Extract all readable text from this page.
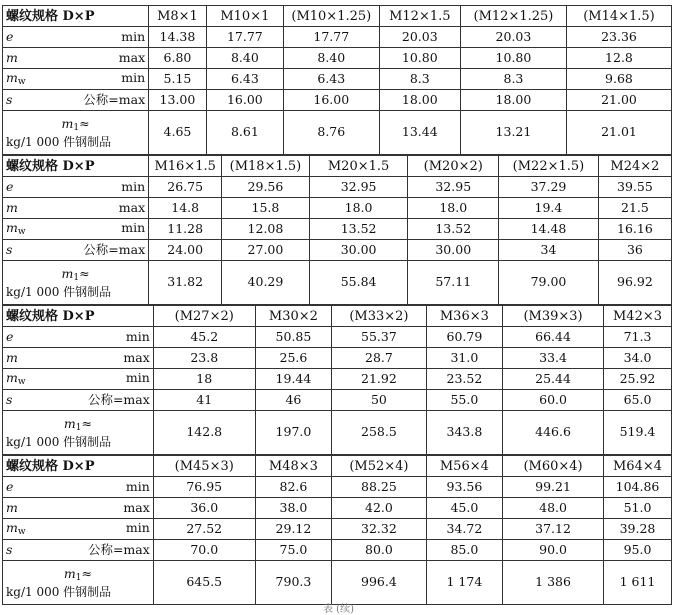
螺纹规格 D×P	M8×1	M10×1	(M10×1.25)	M12×1.5	(M12×1.25)	(M14×1.5)
e min	14.38	17.77	17.77	20.03	20.03	23.36
m max	6.80	8.40	8.40	10.80	10.80	12.8
$m_w$ min	5.15	6.43	6.43	8.3	8.3	9.68
s 公称=max	13.00	16.00	16.00	18.00	18.00	21.00

$m_1\approx$
kg/1 000 件钢制品	4.65	8.61	8.76	13.44	13.21	21.01
螺纹规格 D×P	M16×1.5	(M18×1.5)	M20×1.5	(M20×2)	(M22×1.5)	M24×2
e min	26.75	29.56	32.95	32.95	37.29	39.55
m max	14.8	15.8	18.0	18.0	19.4	21.5
$m_w$ min	11.28	12.08	13.52	13.52	14.48	16.16
s 公称=max	24.00	27.00	30.00	30.00	34	36

$m_1\approx$
kg/1 000 件钢制品	31.82	40.29	55.84	57.11	79.00	96.92
螺纹规格 D×P	(M27×2)	M30×2	(M33×2)	M36×3	(M39×3)	M42×3
e min	45.2	50.85	55.37	60.79	66.44	71.3
m max	23.8	25.6	28.7	31.0	33.4	34.0
$m_w$ min	18	19.44	21.92	23.52	25.44	25.92
s 公称=max	41	46	50	55.0	60.0	65.0

$m_1\approx$
kg/1 000 件钢制品	142.8	197.0	258.5	343.8	446.6	519.4
螺纹规格 D×P	(M45×3)	M48×3	(M52×4)	M56×4	(M60×4)	M64×4
e min	76.95	82.6	88.25	93.56	99.21	104.86
m max	36.0	38.0	42.0	45.0	48.0	51.0
$m_w$ min	27.52	29.12	32.32	34.72	37.12	39.28
s 公称=max	70.0	75.0	80.0	85.0	90.0	95.0

$m_1\approx$
kg/1 000 件钢制品	645.5	790.3	996.4	1 174	1 386	1 611
表 (续)
